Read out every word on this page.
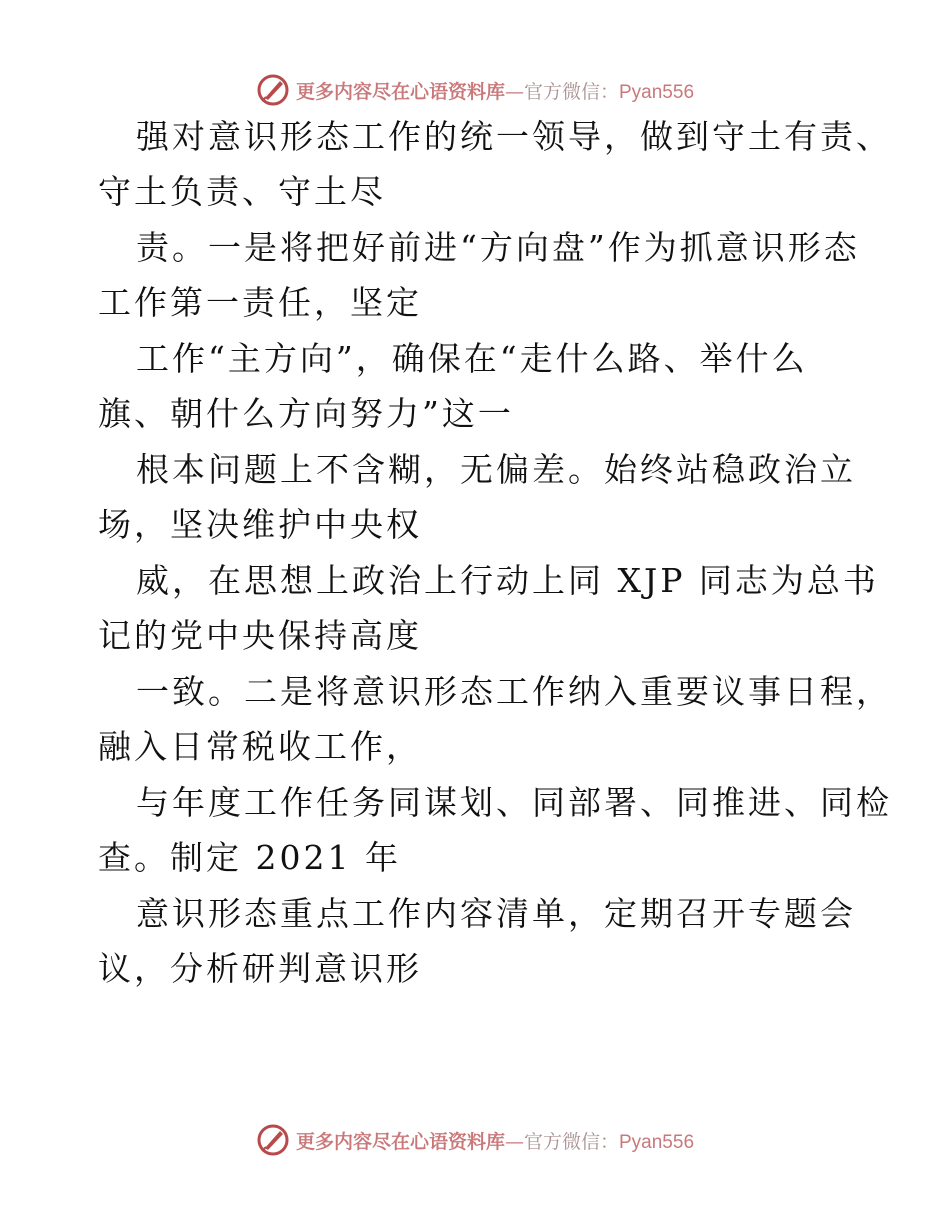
更多内容尽在心语资料库—官方微信：Pyan556
强对意识形态工作的统一领导，做到守土有责、
守土负责、守土尽
责。一是将把好前进“方向盘”作为抓意识形态
工作第一责任，坚定
工作“主方向”，确保在“走什么路、举什么
旗、朝什么方向努力”这一
根本问题上不含糊，无偏差。始终站稳政治立
场，坚决维护中央权
威，在思想上政治上行动上同 XJP 同志为总书
记的党中央保持高度
一致。二是将意识形态工作纳入重要议事日程，
融入日常税收工作，
与年度工作任务同谋划、同部署、同推进、同检
查。制定 2021 年
意识形态重点工作内容清单，定期召开专题会
议，分析研判意识形
更多内容尽在心语资料库—官方微信：Pyan556
